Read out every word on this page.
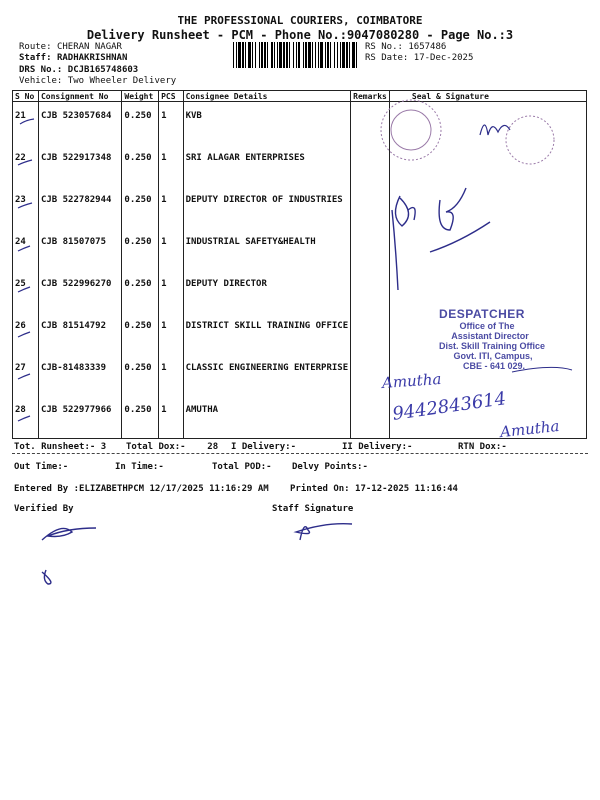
THE PROFESSIONAL COURIERS, COIMBATORE
Delivery Runsheet - PCM - Phone No.:9047080280 - Page No.:3
Route: CHERAN NAGAR
Staff: RADHAKRISHNAN
DRS No.: DCJB165748603
Vehicle: Two Wheeler Delivery
RS No.: 1657486
RS Date: 17-Dec-2025
S No	Consignment No	Weight	PCS	Consignee Details	Remarks	Seal & Signature
21	CJB 523057684	0.250	1	KVB		
22	CJB 522917348	0.250	1	SRI ALAGAR ENTERPRISES		
23	CJB 522782944	0.250	1	DEPUTY DIRECTOR OF INDUSTRIES		
24	CJB 81507075	0.250	1	INDUSTRIAL SAFETY&HEALTH		
25	CJB 522996270	0.250	1	DEPUTY DIRECTOR		
26	CJB 81514792	0.250	1	DISTRICT SKILL TRAINING OFFICE		
27	CJB-81483339	0.250	1	CLASSIC ENGINEERING ENTERPRISE		
28	CJB 522977966	0.250	1	AMUTHA		
DESPATCHER
Office of The
Assistant Director
Dist. Skill Training Office
Govt. ITI, Campus,
CBE - 641 029.
Amutha
9442843614
Amutha
Tot. Runsheet:- 3 Total Dox:- 28 I Delivery:-	II Delivery:-	RTN Dox:-
Out Time:-	In Time:-	Total POD:- Delvy Points:-
Entered By :ELIZABETHPCM 12/17/2025 11:16:29 AM Printed On: 17-12-2025 11:16:44
Verified By	Staff Signature
